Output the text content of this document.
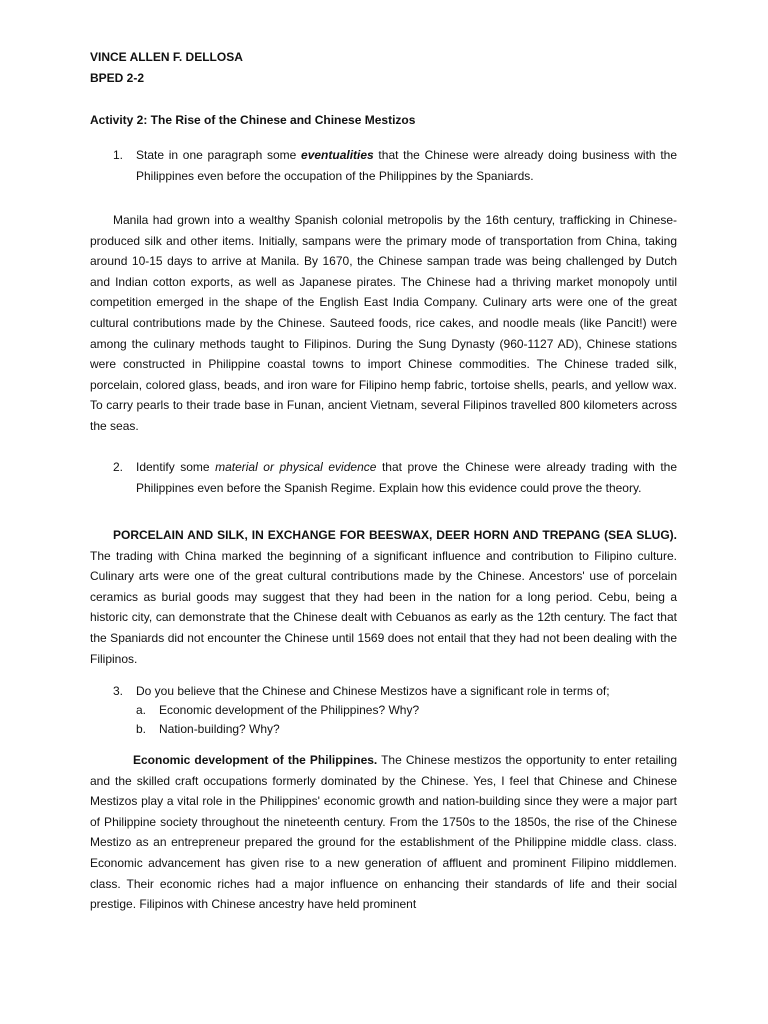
VINCE ALLEN F. DELLOSA
BPED 2-2
Activity 2: The Rise of the Chinese and Chinese Mestizos
1.	State in one paragraph some eventualities that the Chinese were already doing business with the Philippines even before the occupation of the Philippines by the Spaniards.
Manila had grown into a wealthy Spanish colonial metropolis by the 16th century, trafficking in Chinese-produced silk and other items. Initially, sampans were the primary mode of transportation from China, taking around 10-15 days to arrive at Manila. By 1670, the Chinese sampan trade was being challenged by Dutch and Indian cotton exports, as well as Japanese pirates. The Chinese had a thriving market monopoly until competition emerged in the shape of the English East India Company. Culinary arts were one of the great cultural contributions made by the Chinese. Sauteed foods, rice cakes, and noodle meals (like Pancit!) were among the culinary methods taught to Filipinos. During the Sung Dynasty (960-1127 AD), Chinese stations were constructed in Philippine coastal towns to import Chinese commodities. The Chinese traded silk, porcelain, colored glass, beads, and iron ware for Filipino hemp fabric, tortoise shells, pearls, and yellow wax. To carry pearls to their trade base in Funan, ancient Vietnam, several Filipinos travelled 800 kilometers across the seas.
2.	Identify some material or physical evidence that prove the Chinese were already trading with the Philippines even before the Spanish Regime. Explain how this evidence could prove the theory.
PORCELAIN AND SILK, IN EXCHANGE FOR BEESWAX, DEER HORN AND TREPANG (SEA SLUG). The trading with China marked the beginning of a significant influence and contribution to Filipino culture. Culinary arts were one of the great cultural contributions made by the Chinese. Ancestors' use of porcelain ceramics as burial goods may suggest that they had been in the nation for a long period. Cebu, being a historic city, can demonstrate that the Chinese dealt with Cebuanos as early as the 12th century. The fact that the Spaniards did not encounter the Chinese until 1569 does not entail that they had not been dealing with the Filipinos.
3.	Do you believe that the Chinese and Chinese Mestizos have a significant role in terms of;
a.	Economic development of the Philippines? Why?
b.	Nation-building? Why?
Economic development of the Philippines. The Chinese mestizos the opportunity to enter retailing and the skilled craft occupations formerly dominated by the Chinese. Yes, I feel that Chinese and Chinese Mestizos play a vital role in the Philippines' economic growth and nation-building since they were a major part of Philippine society throughout the nineteenth century. From the 1750s to the 1850s, the rise of the Chinese Mestizo as an entrepreneur prepared the ground for the establishment of the Philippine middle class. class. Economic advancement has given rise to a new generation of affluent and prominent Filipino middlemen. class. Their economic riches had a major influence on enhancing their standards of life and their social prestige. Filipinos with Chinese ancestry have held prominent
